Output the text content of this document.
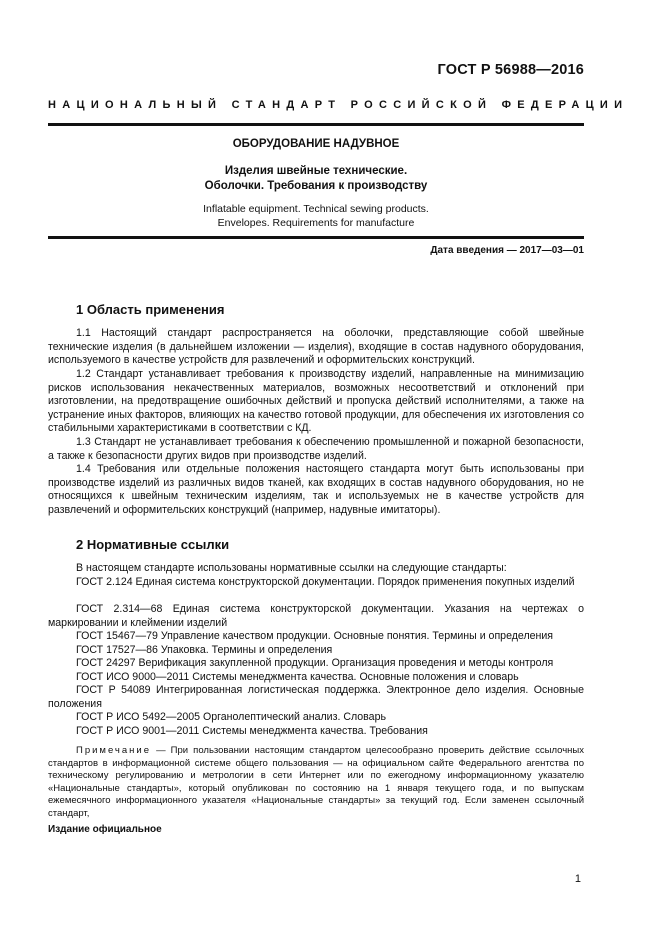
ГОСТ Р 56988—2016
НАЦИОНАЛЬНЫЙ СТАНДАРТ РОССИЙСКОЙ ФЕДЕРАЦИИ
ОБОРУДОВАНИЕ НАДУВНОЕ
Изделия швейные технические.
Оболочки. Требования к производству
Inflatable equipment. Technical sewing products.
Envelopes. Requirements for manufacture
Дата введения — 2017—03—01
1 Область применения

1.1 Настоящий стандарт распространяется на оболочки, представляющие собой швейные технические изделия (в дальнейшем изложении — изделия), входящие в состав надувного оборудования, используемого в качестве устройств для развлечений и оформительских конструкций.

1.2 Стандарт устанавливает требования к производству изделий, направленные на минимизацию рисков использования некачественных материалов, возможных несоответствий и отклонений при изготовлении, на предотвращение ошибочных действий и пропуска действий исполнителями, а также на устранение иных факторов, влияющих на качество готовой продукции, для обеспечения их изготовления со стабильными характеристиками в соответствии с КД.

1.3 Стандарт не устанавливает требования к обеспечению промышленной и пожарной безопасности, а также к безопасности других видов при производстве изделий.

1.4 Требования или отдельные положения настоящего стандарта могут быть использованы при производстве изделий из различных видов тканей, как входящих в состав надувного оборудования, но не относящихся к швейным техническим изделиям, так и используемых не в качестве устройств для развлечений и оформительских конструкций (например, надувные имитаторы).

2 Нормативные ссылки

В настоящем стандарте использованы нормативные ссылки на следующие стандарты:

ГОСТ 2.124 Единая система конструкторской документации. Порядок применения покупных изделий

ГОСТ 2.314—68 Единая система конструкторской документации. Указания на чертежах о маркировании и клеймении изделий

ГОСТ 15467—79 Управление качеством продукции. Основные понятия. Термины и определения

ГОСТ 17527—86 Упаковка. Термины и определения

ГОСТ 24297 Верификация закупленной продукции. Организация проведения и методы контроля

ГОСТ ИСО 9000—2011 Системы менеджмента качества. Основные положения и словарь

ГОСТ Р 54089 Интегрированная логистическая поддержка. Электронное дело изделия. Основные положения

ГОСТ Р ИСО 5492—2005 Органолептический анализ. Словарь

ГОСТ Р ИСО 9001—2011 Системы менеджмента качества. Требования

Примечание — При пользовании настоящим стандартом целесообразно проверить действие ссылочных стандартов в информационной системе общего пользования — на официальном сайте Федерального агентства по техническому регулированию и метрологии в сети Интернет или по ежегодному информационному указателю «Национальные стандарты», который опубликован по состоянию на 1 января текущего года, и по выпускам ежемесячного информационного указателя «Национальные стандарты» за текущий год. Если заменен ссылочный стандарт,

Издание официальное
1
